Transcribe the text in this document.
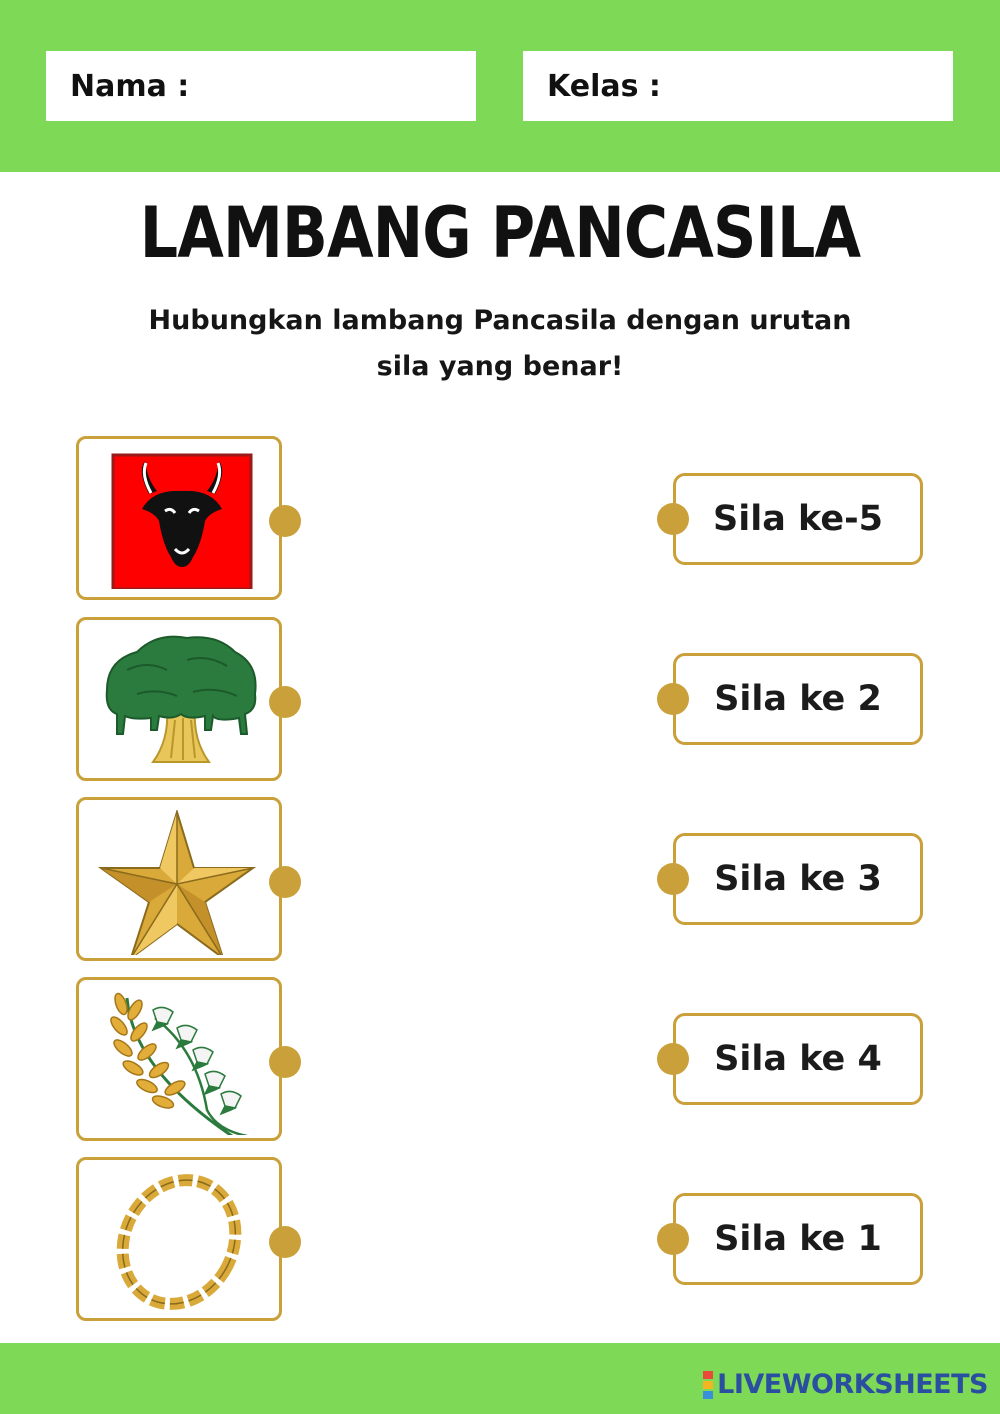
Nama :	Kelas :
LAMBANG PANCASILA
Hubungkan lambang Pancasila dengan urutan
sila yang benar!
Sila ke-5
Sila ke 2
Sila ke 3
Sila ke 4
Sila ke 1
LIVEWORKSHEETS
